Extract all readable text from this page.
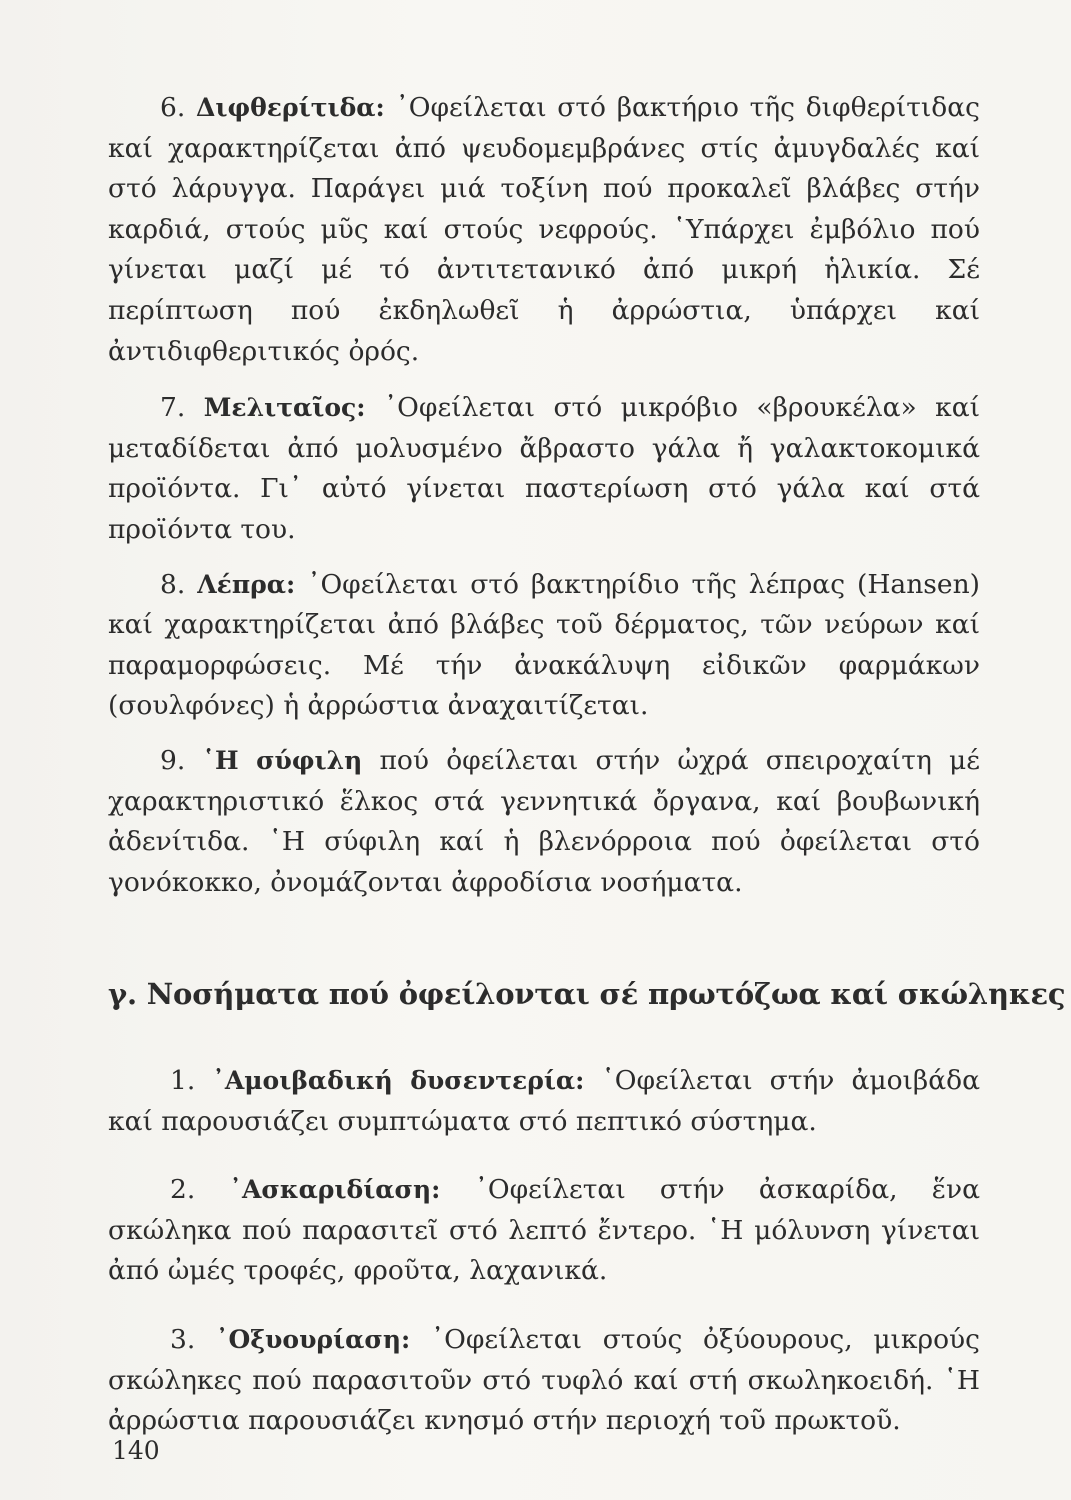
6. Διφθερίτιδα: ᾿Οφείλεται στό βακτήριο τῆς διφθερίτιδας καί χαρακτηρίζεται ἀπό ψευδομεμβράνες στίς ἀμυγδαλές καί στό λάρυγγα. Παράγει μιά τοξίνη πού προκαλεῖ βλάβες στήν καρδιά, στούς μῦς καί στούς νεφρούς. ῾Υπάρχει ἐμβόλιο πού γίνεται μαζί μέ τό ἀντιτετανικό ἀπό μικρή ἡλικία. Σέ περίπτωση πού ἐκδηλωθεῖ ἡ ἀρρώστια, ὑπάρχει καί ἀντιδιφθεριτικός ὀρός.

7. Μελιταῖος: ᾿Οφείλεται στό μικρόβιο «βρουκέλα» καί μεταδίδεται ἀπό μολυσμένο ἄβραστο γάλα ἤ γαλακτοκομικά προϊόντα. Γι᾿ αὐτό γίνεται παστερίωση στό γάλα καί στά προϊόντα του.

8. Λέπρα: ᾿Οφείλεται στό βακτηρίδιο τῆς λέπρας (Hansen) καί χαρακτηρίζεται ἀπό βλάβες τοῦ δέρματος, τῶν νεύρων καί παραμορφώσεις. Μέ τήν ἀνακάλυψη εἰδικῶν φαρμάκων (σουλφόνες) ἡ ἀρρώστια ἀναχαιτίζεται.

9. ῾Η σύφιλη πού ὀφείλεται στήν ὠχρά σπειροχαίτη μέ χαρακτηριστικό ἕλκος στά γεννητικά ὄργανα, καί βουβωνική ἀδενίτιδα. ῾Η σύφιλη καί ἡ βλενόρροια πού ὀφείλεται στό γονόκοκκο, ὀνομάζονται ἀφροδίσια νοσήματα.

γ. Νοσήματα πού ὀφείλονται σέ πρωτόζωα καί σκώληκες

1. ᾿Αμοιβαδική δυσεντερία: ῾Οφείλεται στήν ἀμοιβάδα καί παρουσιάζει συμπτώματα στό πεπτικό σύστημα.

2. ᾿Ασκαριδίαση: ᾿Οφείλεται στήν ἀσκαρίδα, ἕνα σκώληκα πού παρασιτεῖ στό λεπτό ἔντερο. ῾Η μόλυνση γίνεται ἀπό ὠμές τροφές, φροῦτα, λαχανικά.

3. ᾿Οξυουρίαση: ᾿Οφείλεται στούς ὀξύουρους, μικρούς σκώληκες πού παρασιτοῦν στό τυφλό καί στή σκωληκοειδή. ῾Η ἀρρώστια παρουσιάζει κνησμό στήν περιοχή τοῦ πρωκτοῦ.

140
